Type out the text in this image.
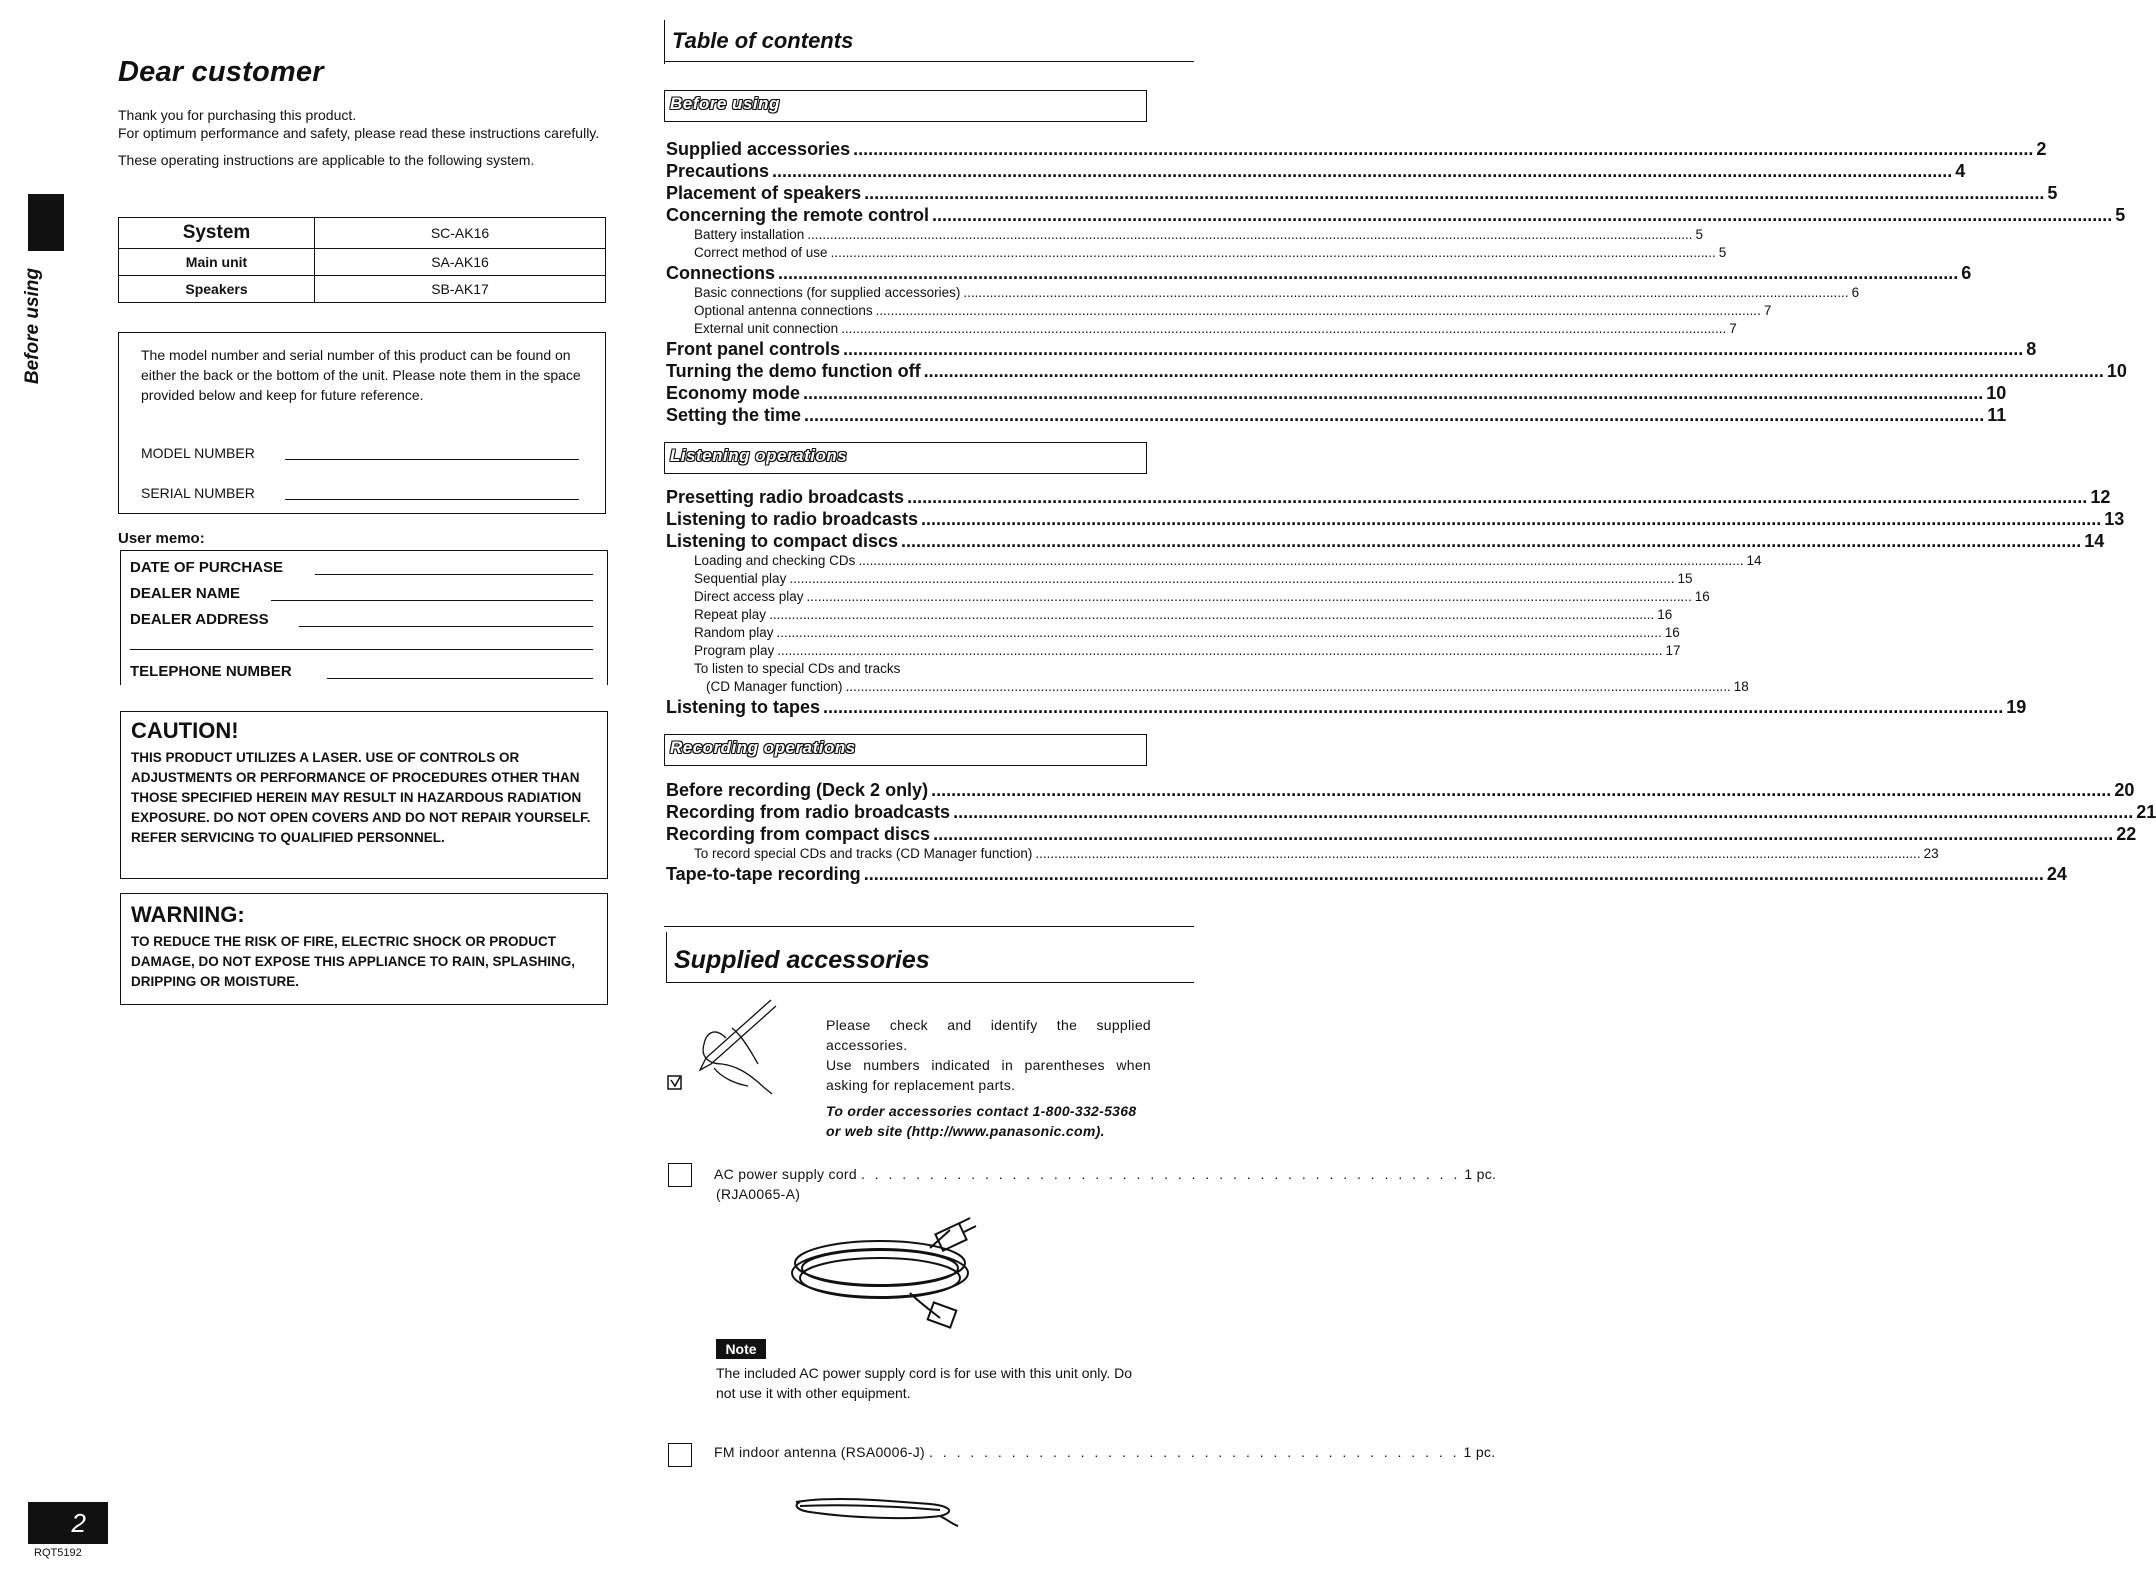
Before using
Dear customer

Thank you for purchasing this product.

For optimum performance and safety, please read these instructions carefully.

These operating instructions are applicable to the following system.

System	SC-AK16
Main unit	SA-AK16
Speakers	SB-AK17
The model number and serial number of this product can be found on either the back or the bottom of the unit. Please note them in the space provided below and keep for future reference.
MODEL NUMBER
SERIAL NUMBER
User memo:
DATE OF PURCHASE
DEALER NAME
DEALER ADDRESS
TELEPHONE NUMBER
CAUTION!
THIS PRODUCT UTILIZES A LASER. USE OF CONTROLS OR ADJUSTMENTS OR PERFORMANCE OF PROCEDURES OTHER THAN THOSE SPECIFIED HEREIN MAY RESULT IN HAZARDOUS RADIATION EXPOSURE. DO NOT OPEN COVERS AND DO NOT REPAIR YOURSELF. REFER SERVICING TO QUALIFIED PERSONNEL.
WARNING:
TO REDUCE THE RISK OF FIRE, ELECTRIC SHOCK OR PRODUCT DAMAGE, DO NOT EXPOSE THIS APPLIANCE TO RAIN, SPLASHING, DRIPPING OR MOISTURE.
2
RQT5192
Table of contents
Before using
Supplied accessories .....	2
Precautions .....	4
Placement of speakers .....	5
Concerning the remote control .....	5
Battery installation .....	5
Correct method of use .....	5
Connections .....	6
Basic connections (for supplied accessories) .....	6
Optional antenna connections .....	7
External unit connection .....	7
Front panel controls .....	8
Turning the demo function off .....	10
Economy mode .....	10
Setting the time .....	11
Listening operations
Presetting radio broadcasts .....	12
Listening to radio broadcasts .....	13
Listening to compact discs .....	14
Loading and checking CDs .....	14
Sequential play .....	15
Direct access play .....	16
Repeat play .....	16
Random play .....	16
Program play .....	17
To listen to special CDs and tracks
(CD Manager function) .....	18
Listening to tapes .....	19
Recording operations
Before recording (Deck 2 only) .....	20
Recording from radio broadcasts .....	21
Recording from compact discs .....	22
To record special CDs and tracks (CD Manager function) .....	23
Tape-to-tape recording .....	24
Supplied accessories
Please check and identify the supplied accessories.
Use numbers indicated in parentheses when asking for replacement parts.
To order accessories contact 1-800-332-5368 or web site (http://www.panasonic.com).
AC power supply cord . . . . . . . . . . . . . . . . . . . . . . . . . . . . . . . . . . . . . . . . . . . . 1 pc.
(RJA0065-A)
Note
The included AC power supply cord is for use with this unit only. Do not use it with other equipment.
FM indoor antenna (RSA0006-J) . . . . . . . . . . . . . . . . . . . . . . . . . . . . . . . . . . . . . . . 1 pc.
